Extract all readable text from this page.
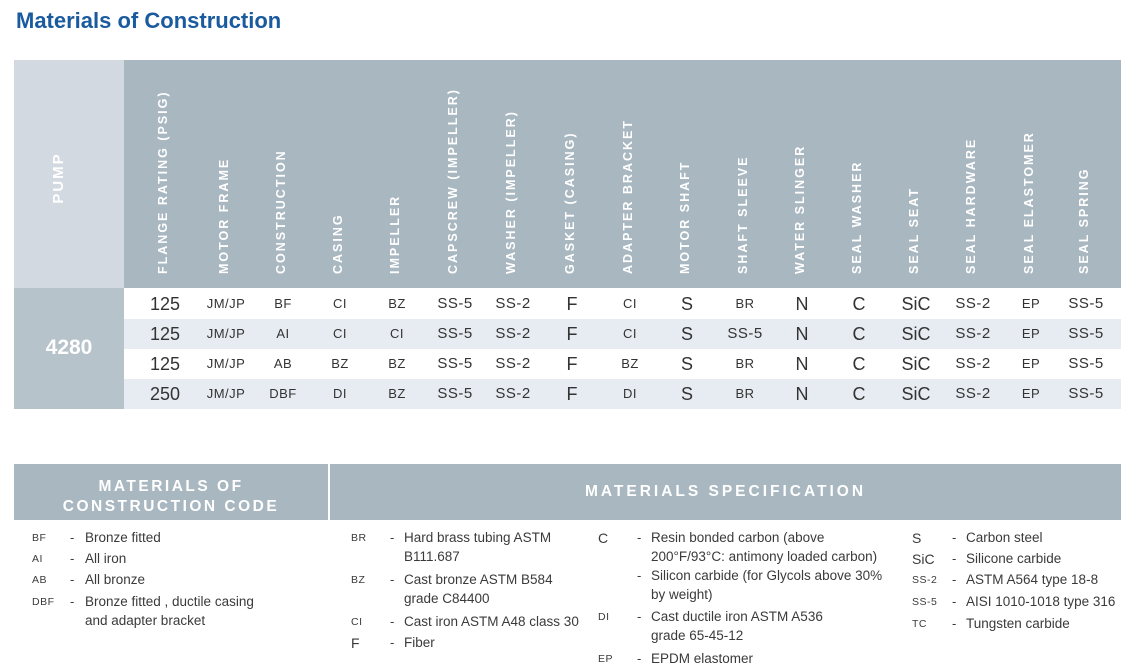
Materials of Construction
PUMP	FLANGE RATING (PSIG)	MOTOR FRAME	CONSTRUCTION	CASING	IMPELLER	CAPSCREW (IMPELLER)	WASHER (IMPELLER)	GASKET (CASING)	ADAPTER BRACKET	MOTOR SHAFT	SHAFT SLEEVE	WATER SLINGER	SEAL WASHER	SEAL SEAT	SEAL HARDWARE	SEAL ELASTOMER	SEAL SPRING
4280
125	JM/JP	BF	CI	BZ	SS-5	SS-2	F	CI	S	BR	N	C	SiC	SS-2	EP	SS-5
125	JM/JP	AI	CI	CI	SS-5	SS-2	F	CI	S	SS-5	N	C	SiC	SS-2	EP	SS-5
125	JM/JP	AB	BZ	BZ	SS-5	SS-2	F	BZ	S	BR	N	C	SiC	SS-2	EP	SS-5
250	JM/JP	DBF	DI	BZ	SS-5	SS-2	F	DI	S	BR	N	C	SiC	SS-2	EP	SS-5
MATERIALS OF
CONSTRUCTION CODE
MATERIALS SPECIFICATION
BF - Bronze fitted
AI - All iron
AB - All bronze
DBF - Bronze fitted , ductile casing
and adapter bracket
BR - Hard brass tubing ASTM
B111.687
BZ - Cast bronze ASTM B584
grade C84400
CI - Cast iron ASTM A48 class 30
F - Fiber
C - Resin bonded carbon (above
200°F/93°C: antimony loaded carbon)
- Silicon carbide (for Glycols above 30%
by weight)
DI - Cast ductile iron ASTM A536
grade 65-45-12
EP - EPDM elastomer
S - Carbon steel
SiC - Silicone carbide
SS-2 - ASTM A564 type 18-8
SS-5 - AISI 1010-1018 type 316
TC - Tungsten carbide
